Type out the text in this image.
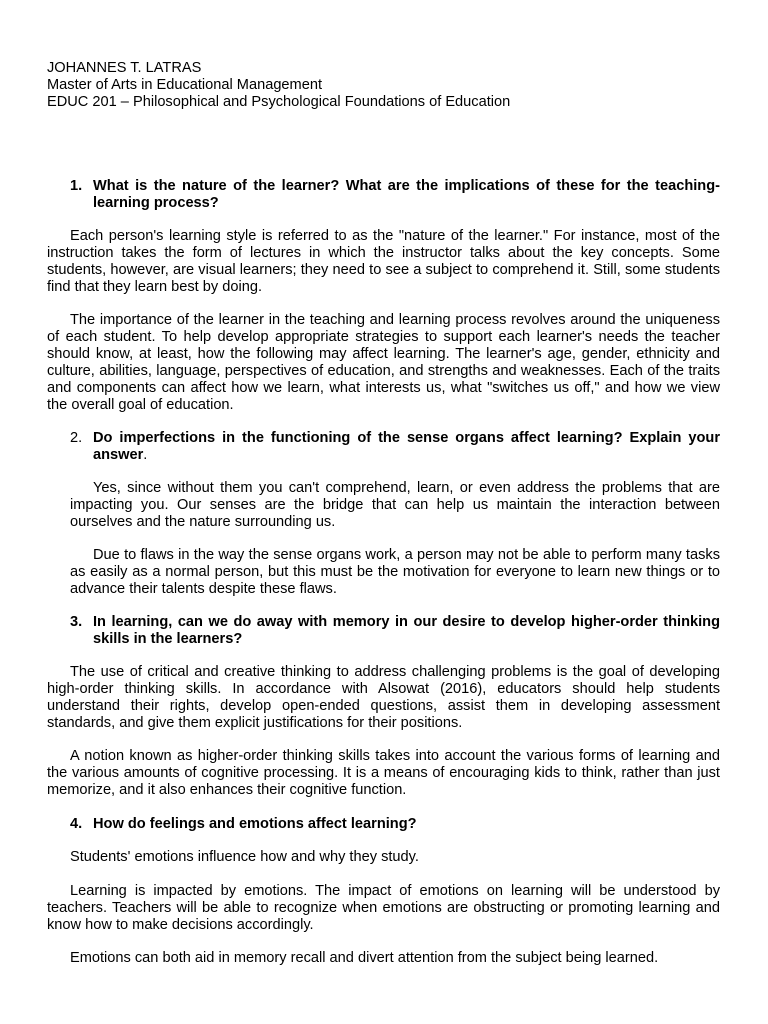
JOHANNES T. LATRAS
Master of Arts in Educational Management
EDUC 201 – Philosophical and Psychological Foundations of Education
1. What is the nature of the learner? What are the implications of these for the teaching-learning process?

Each person's learning style is referred to as the "nature of the learner." For instance, most of the instruction takes the form of lectures in which the instructor talks about the key concepts. Some students, however, are visual learners; they need to see a subject to comprehend it. Still, some students find that they learn best by doing.

The importance of the learner in the teaching and learning process revolves around the uniqueness of each student. To help develop appropriate strategies to support each learner's needs the teacher should know, at least, how the following may affect learning. The learner's age, gender, ethnicity and culture, abilities, language, perspectives of education, and strengths and weaknesses. Each of the traits and components can affect how we learn, what interests us, what "switches us off," and how we view the overall goal of education.

2. Do imperfections in the functioning of the sense organs affect learning? Explain your answer.

Yes, since without them you can't comprehend, learn, or even address the problems that are impacting you. Our senses are the bridge that can help us maintain the interaction between ourselves and the nature surrounding us.

Due to flaws in the way the sense organs work, a person may not be able to perform many tasks as easily as a normal person, but this must be the motivation for everyone to learn new things or to advance their talents despite these flaws.

3. In learning, can we do away with memory in our desire to develop higher-order thinking skills in the learners?

The use of critical and creative thinking to address challenging problems is the goal of developing high-order thinking skills. In accordance with Alsowat (2016), educators should help students understand their rights, develop open-ended questions, assist them in developing assessment standards, and give them explicit justifications for their positions.

A notion known as higher-order thinking skills takes into account the various forms of learning and the various amounts of cognitive processing. It is a means of encouraging kids to think, rather than just memorize, and it also enhances their cognitive function.

4. How do feelings and emotions affect learning?

Students' emotions influence how and why they study.

Learning is impacted by emotions. The impact of emotions on learning will be understood by teachers. Teachers will be able to recognize when emotions are obstructing or promoting learning and know how to make decisions accordingly.

Emotions can both aid in memory recall and divert attention from the subject being learned.
